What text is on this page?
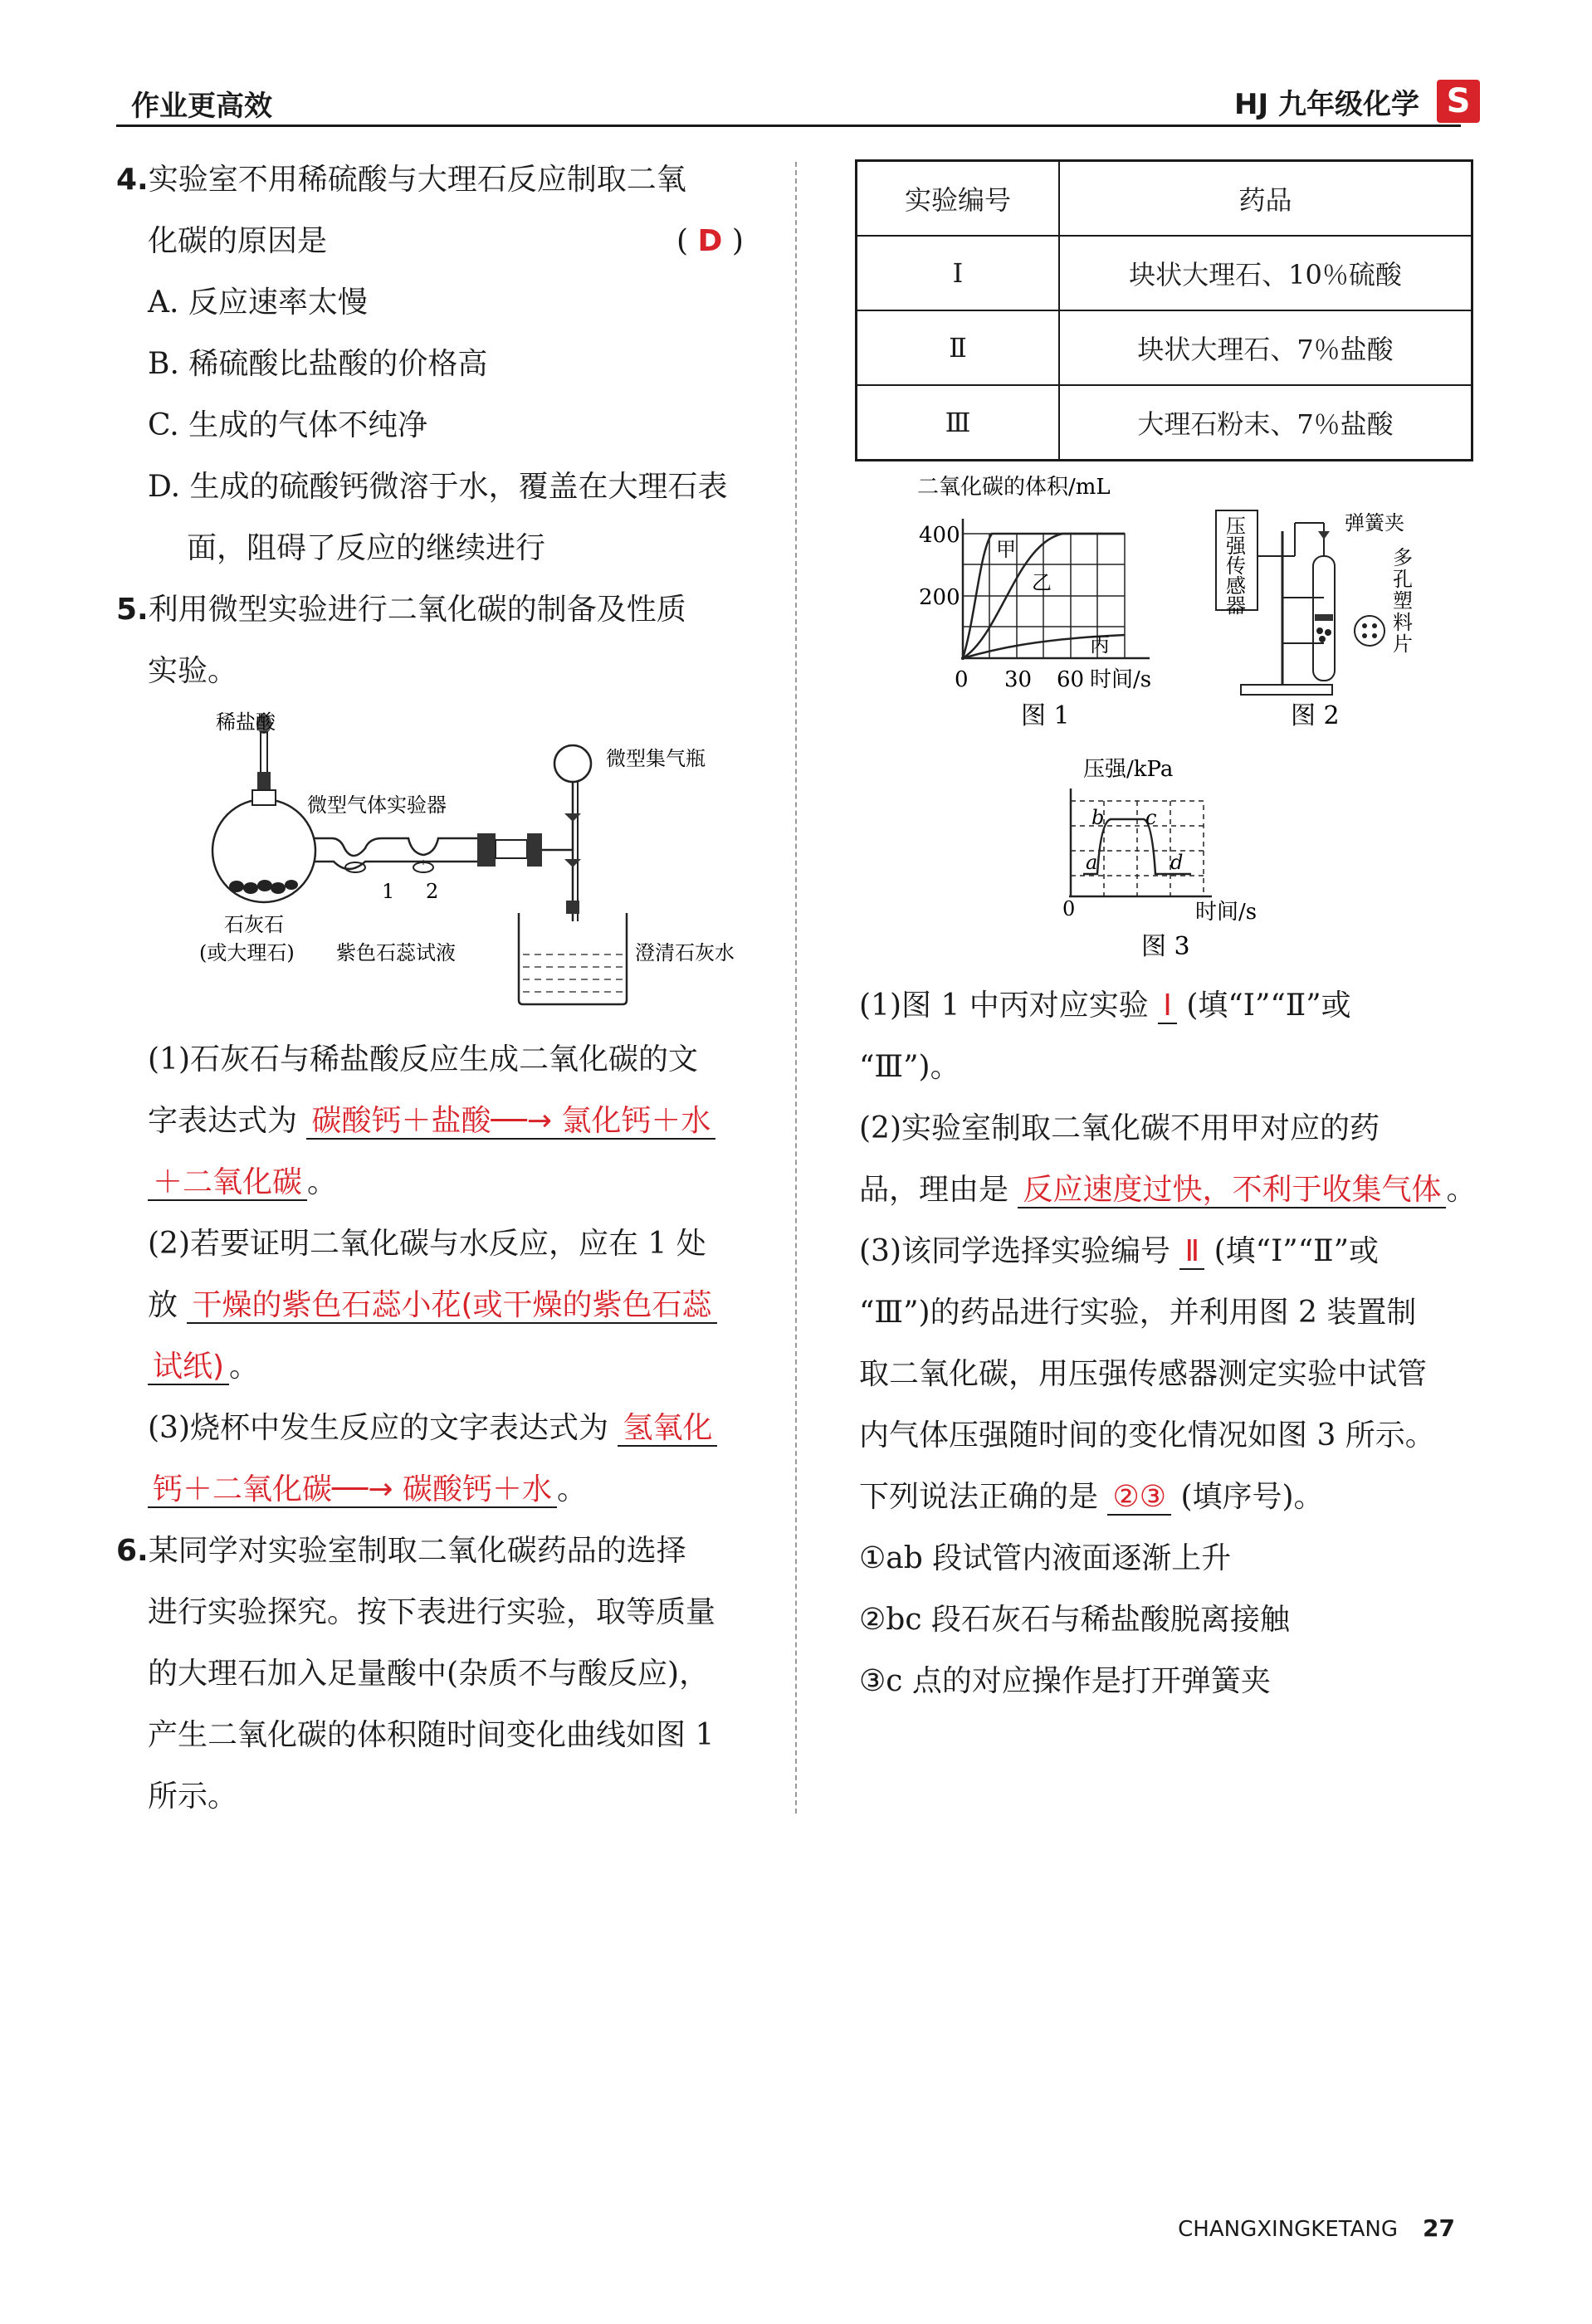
作业更高效	HJ 九年级化学 S
4.实验室不用稀硫酸与大理石反应制取二氧
化碳的原因是	( D )
A. 反应速率太慢
B. 稀硫酸比盐酸的价格高
C. 生成的气体不纯净
D. 生成的硫酸钙微溶于水，覆盖在大理石表
面，阻碍了反应的继续进行
5.利用微型实验进行二氧化碳的制备及性质
实验。
稀盐酸
微型气体实验器
微型集气瓶
1 2
石灰石
(或大理石) 紫色石蕊试液	澄清石灰水
(1)石灰石与稀盐酸反应生成二氧化碳的文
字表达式为 碳酸钙＋盐酸──→ 氯化钙＋水
＋二氧化碳 。
(2)若要证明二氧化碳与水反应，应在 1 处
放 干燥的紫色石蕊小花(或干燥的紫色石蕊
试纸) 。
(3)烧杯中发生反应的文字表达式为 氢氧化
钙＋二氧化碳──→ 碳酸钙＋水 。
6.某同学对实验室制取二氧化碳药品的选择
进行实验探究。按下表进行实验，取等质量
的大理石加入足量酸中(杂质不与酸反应)，
产生二氧化碳的体积随时间变化曲线如图 1
所示。
实验编号	药品
Ⅰ	块状大理石、10％硫酸
Ⅱ	块状大理石、7％盐酸
Ⅲ	大理石粉末、7％盐酸
二氧化碳的体积/mL
400
200
0 30 60 时间/s
甲
乙
丙
图 1
压
强
传
感
器
弹簧夹
多
孔
塑
料
片
图 2
压强/kPa
0
a
b c
d
时间/s
图 3
(1)图 1 中丙对应实验 Ⅰ (填“Ⅰ”“Ⅱ”或
“Ⅲ”)。
(2)实验室制取二氧化碳不用甲对应的药
品，理由是 反应速度过快，不利于收集气体 。
(3)该同学选择实验编号 Ⅱ (填“Ⅰ”“Ⅱ”或
“Ⅲ”)的药品进行实验，并利用图 2 装置制
取二氧化碳，用压强传感器测定实验中试管
内气体压强随时间的变化情况如图 3 所示。
下列说法正确的是 ②③ (填序号)。
①ab 段试管内液面逐渐上升
②bc 段石灰石与稀盐酸脱离接触
③c 点的对应操作是打开弹簧夹
CHANGXINGKETANG 27
